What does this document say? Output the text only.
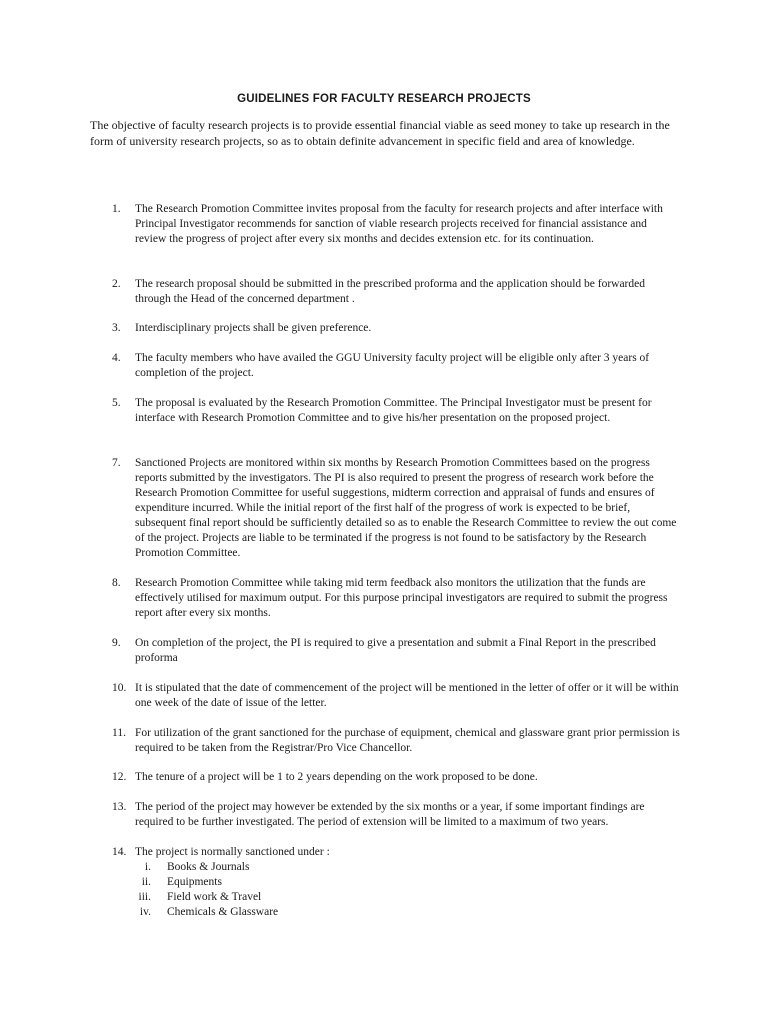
GUIDELINES FOR FACULTY RESEARCH PROJECTS
The objective of faculty research projects is to provide essential financial viable as seed money to take up research in the form of university research projects, so as to obtain definite advancement in specific field and area of knowledge.
1.	The Research Promotion Committee invites proposal from the faculty for research projects and after interface with Principal Investigator recommends for sanction of viable research projects received for financial assistance and review the progress of project after every six months and decides extension etc. for its continuation.
2.	The research proposal should be submitted in the prescribed proforma and the application should be forwarded through the Head of the concerned department .
3.	Interdisciplinary projects shall be given preference.
4.	The faculty members who have availed the GGU University faculty project will be eligible only after 3 years of completion of the project.
5.	The proposal is evaluated by the Research Promotion Committee. The Principal Investigator must be present for interface with Research Promotion Committee and to give his/her presentation on the proposed project.
7.	Sanctioned Projects are monitored within six months by Research Promotion Committees based on the progress reports submitted by the investigators. The PI is also required to present the progress of research work before the Research Promotion Committee for useful suggestions, midterm correction and appraisal of funds and ensures of expenditure incurred. While the initial report of the first half of the progress of work is expected to be brief, subsequent final report should be sufficiently detailed so as to enable the Research Committee to review the out come of the project. Projects are liable to be terminated if the progress is not found to be satisfactory by the Research Promotion Committee.
8.	Research Promotion Committee while taking mid term feedback also monitors the utilization that the funds are effectively utilised for maximum output. For this purpose principal investigators are required to submit the progress report after every six months.
9.	On completion of the project, the PI is required to give a presentation and submit a Final Report in the prescribed proforma
10. It is stipulated that the date of commencement of the project will be mentioned in the letter of offer or it will be within one week of the date of issue of the letter.
11. For utilization of the grant sanctioned for the purchase of equipment, chemical and glassware grant prior permission is required to be taken from the Registrar/Pro Vice Chancellor.
12. The tenure of a project will be 1 to 2 years depending on the work proposed to be done.
13. The period of the project may however be extended by the six months or a year, if some important findings are required to be further investigated. The period of extension will be limited to a maximum of two years.
14. The project is normally sanctioned under :
i. Books & Journals
ii. Equipments
iii. Field work & Travel
iv. Chemicals & Glassware
